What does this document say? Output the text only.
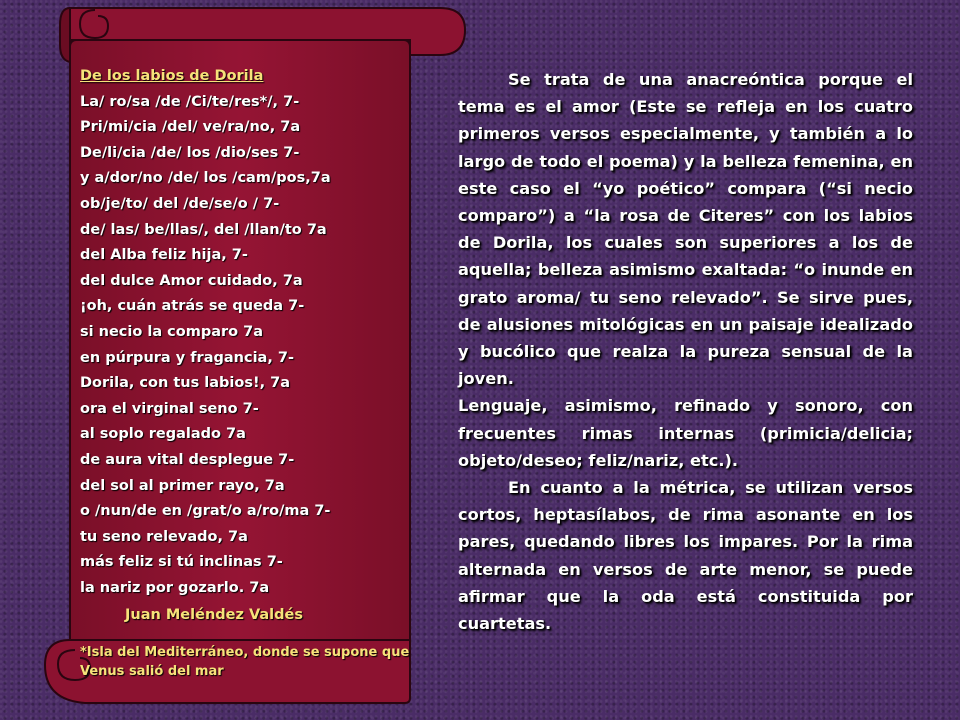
De los labios de Dorila
La/ ro/sa /de /Ci/te/res*/, 7-
Pri/mi/cia /del/ ve/ra/no, 7a
De/li/cia /de/ los /dio/ses 7-
y a/dor/no /de/ los /cam/pos,7a
ob/je/to/ del /de/se/o / 7-
de/ las/ be/llas/, del /llan/to 7a
del Alba feliz hija, 7-
del dulce Amor cuidado, 7a
¡oh, cuán atrás se queda 7-
si necio la comparo 7a
en púrpura y fragancia, 7-
Dorila, con tus labios!, 7a
ora el virginal seno 7-
al soplo regalado 7a
de aura vital desplegue 7-
del sol al primer rayo, 7a
o /nun/de en /grat/o a/ro/ma 7-
tu seno relevado, 7a
más feliz si tú inclinas 7-
la nariz por gozarlo. 7a
Juan Meléndez Valdés
*Isla del Mediterráneo, donde se supone que Venus salió del mar

Se trata de una anacreóntica porque el tema es el amor (Este se refleja en los cuatro primeros versos especialmente, y también a lo largo de todo el poema) y la belleza femenina, en este caso el “yo poético” compara (“si necio comparo”) a “la rosa de Citeres” con los labios de Dorila, los cuales son superiores a los de aquella; belleza asimismo exaltada: “o inunde en grato aroma/ tu seno relevado”. Se sirve pues, de alusiones mitológicas en un paisaje idealizado y bucólico que realza la pureza sensual de la joven.

Lenguaje, asimismo, refinado y sonoro, con frecuentes rimas internas (primicia/delicia; objeto/deseo; feliz/nariz, etc.).

En cuanto a la métrica, se utilizan versos cortos, heptasílabos, de rima asonante en los pares, quedando libres los impares. Por la rima alternada en versos de arte menor, se puede afirmar que la oda está constituida por cuartetas.
